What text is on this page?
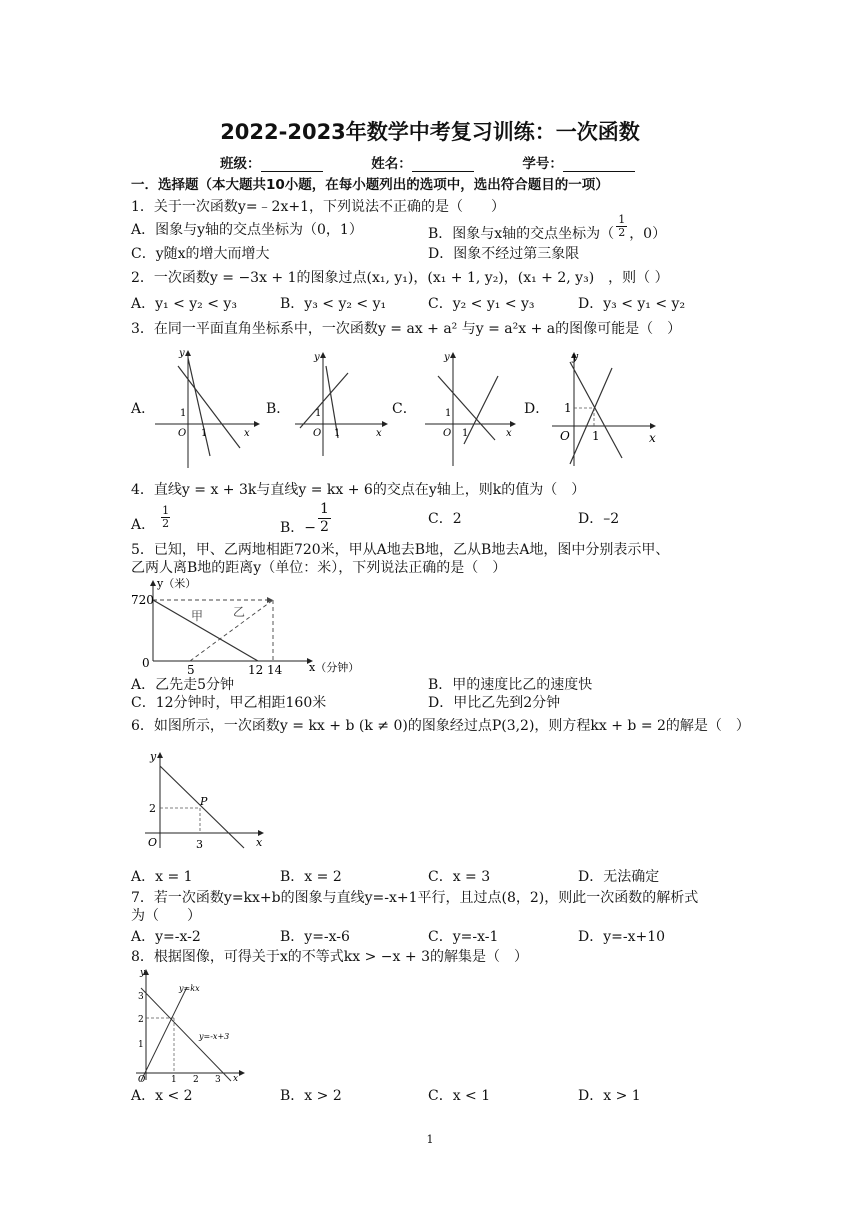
2022-2023年数学中考复习训练：一次函数
班级：	姓名：	学号：
一．选择题（本大题共10小题，在每小题列出的选项中，选出符合题目的一项）
1．关于一次函数y=﹣2x+1，下列说法不正确的是（　　）
A．图象与y轴的交点坐标为（0，1）	B．图象与x轴的交点坐标为（ $\frac{1}{2}$ ，0）
C．y随x的增大而增大	D．图象不经过第三象限
2．一次函数y = −3x + 1的图象过点(x₁, y₁)，(x₁ + 1, y₂)，(x₁ + 2, y₃)　，则（ ）
A．y₁ < y₂ < y₃	B．y₃ < y₂ < y₁	C．y₂ < y₁ < y₃	D．y₃ < y₁ < y₂
3．在同一平面直角坐标系中，一次函数y = ax + a² 与y = a²x + a的图像可能是（　）
A．	B．	C．	D．
y
x
O
1
1
y
x
O
1
1
y
x
O
1
1
y
x
O
1
1
4．直线y = x + 3k与直线y = kx + 6的交点在y轴上，则k的值为（　）
A． $\frac{1}{2}$	B．− $\frac{1}{2}$	C．2	D．–2
5．已知，甲、乙两地相距720米，甲从A地去B地，乙从B地去A地，图中分别表示甲、
乙两人离B地的距离y（单位：米），下列说法正确的是（　）
y（米）
720
0	5	12 14 x（分钟）
甲 乙
A．乙先走5分钟	B．甲的速度比乙的速度快
C．12分钟时，甲乙相距160米	D．甲比乙先到2分钟
6．如图所示，一次函数y = kx + b (k ≠ 0)的图象经过点P(3,2)，则方程kx + b = 2的解是（　）
y
x
O
P
2
3
A．x = 1	B．x = 2	C．x = 3	D．无法确定
7．若一次函数y=kx+b的图象与直线y=-x+1平行，且过点(8，2)，则此一次函数的解析式
为（　　）
A．y=-x-2	B．y=-x-6	C．y=-x-1	D．y=-x+10
8．根据图像，可得关于x的不等式kx > −x + 3的解集是（　）
y
x
O
y=kx
y=-x+3
3
2
1
1 2 3
A．x < 2	B．x > 2	C．x < 1	D．x > 1
1
